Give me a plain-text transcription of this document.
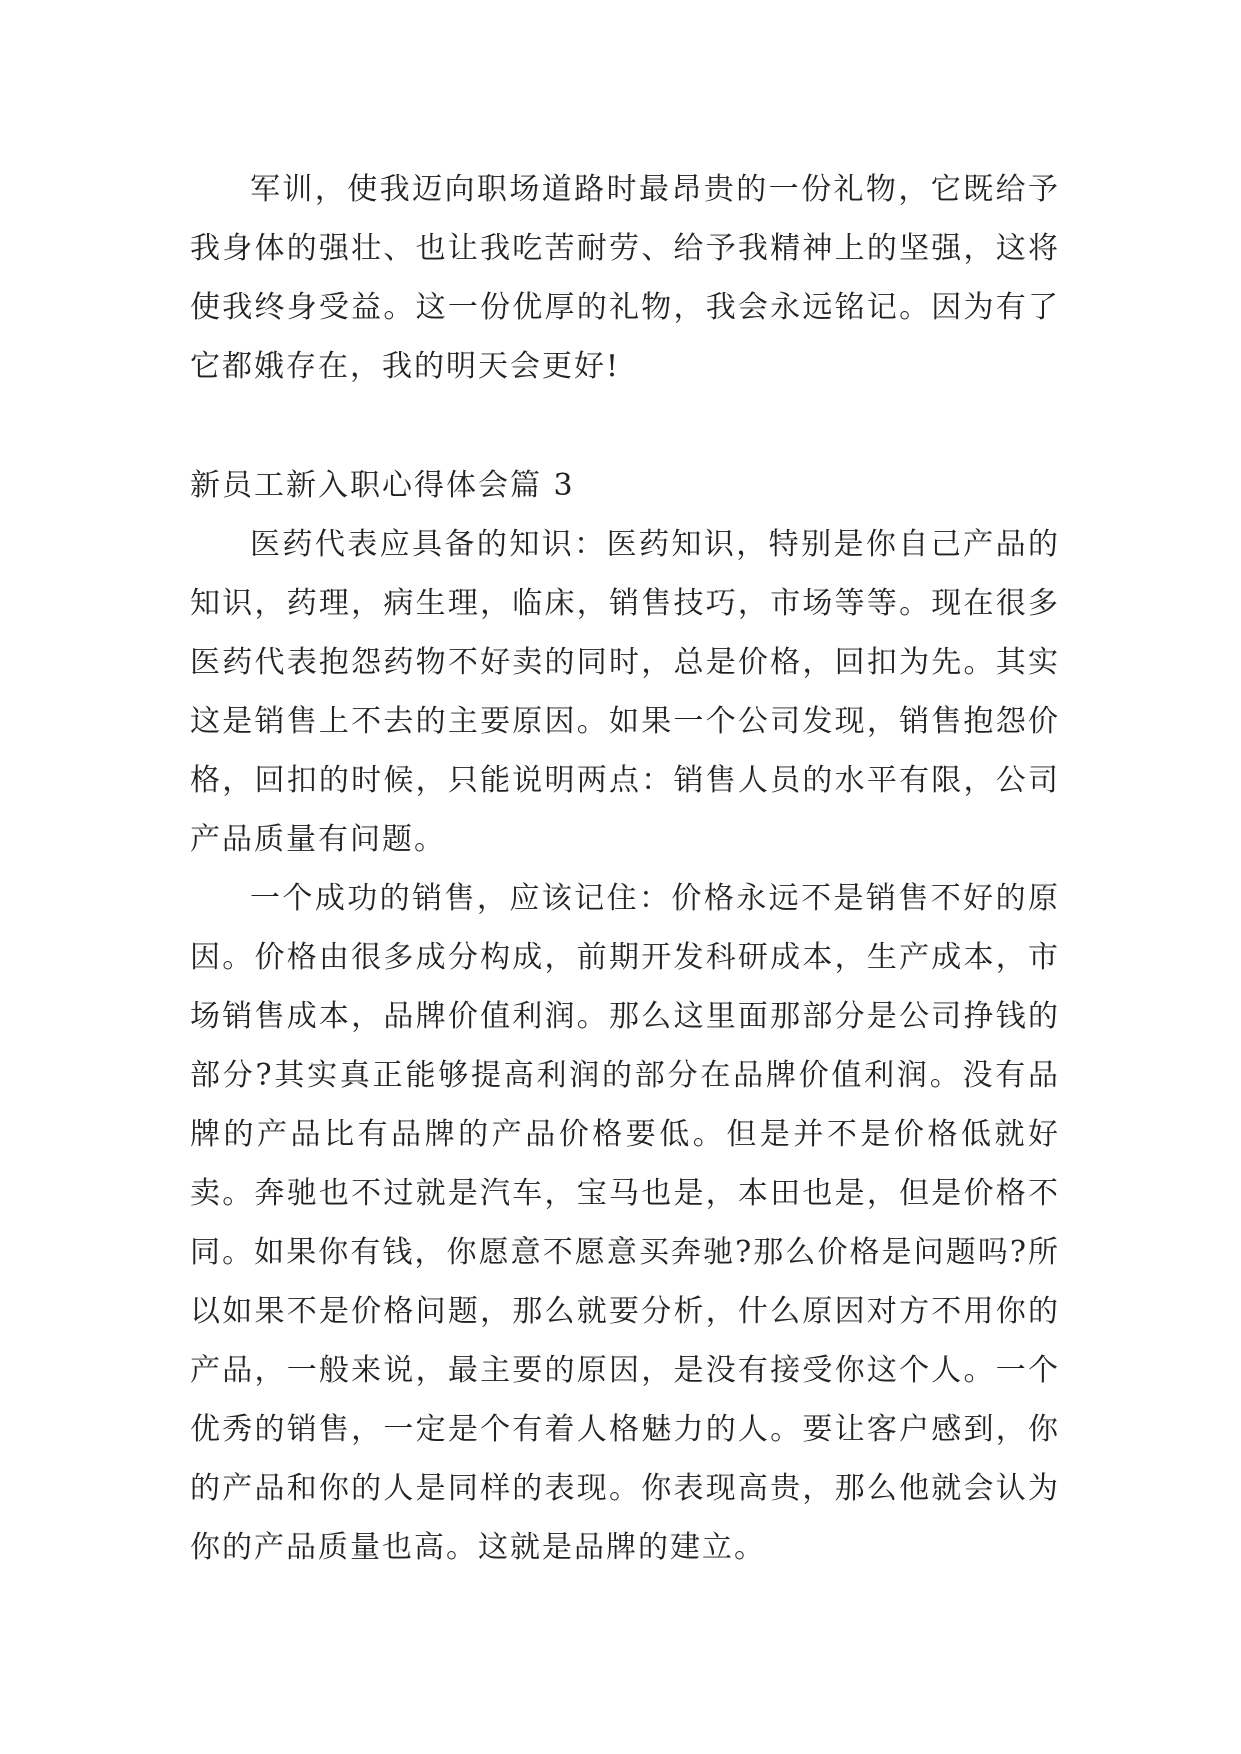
军训，使我迈向职场道路时最昂贵的一份礼物，它既给予我身体的强壮、也让我吃苦耐劳、给予我精神上的坚强，这将使我终身受益。这一份优厚的礼物，我会永远铭记。因为有了它都娥存在，我的明天会更好!

新员工新入职心得体会篇 3

医药代表应具备的知识：医药知识，特别是你自己产品的知识，药理，病生理，临床，销售技巧，市场等等。现在很多医药代表抱怨药物不好卖的同时，总是价格，回扣为先。其实这是销售上不去的主要原因。如果一个公司发现，销售抱怨价格，回扣的时候，只能说明两点：销售人员的水平有限，公司产品质量有问题。

一个成功的销售，应该记住：价格永远不是销售不好的原因。价格由很多成分构成，前期开发科研成本，生产成本，市场销售成本，品牌价值利润。那么这里面那部分是公司挣钱的部分?其实真正能够提高利润的部分在品牌价值利润。没有品牌的产品比有品牌的产品价格要低。但是并不是价格低就好卖。奔驰也不过就是汽车，宝马也是，本田也是，但是价格不同。如果你有钱，你愿意不愿意买奔驰?那么价格是问题吗?所以如果不是价格问题，那么就要分析，什么原因对方不用你的产品，一般来说，最主要的原因，是没有接受你这个人。一个优秀的销售，一定是个有着人格魅力的人。要让客户感到，你的产品和你的人是同样的表现。你表现高贵，那么他就会认为你的产品质量也高。这就是品牌的建立。
